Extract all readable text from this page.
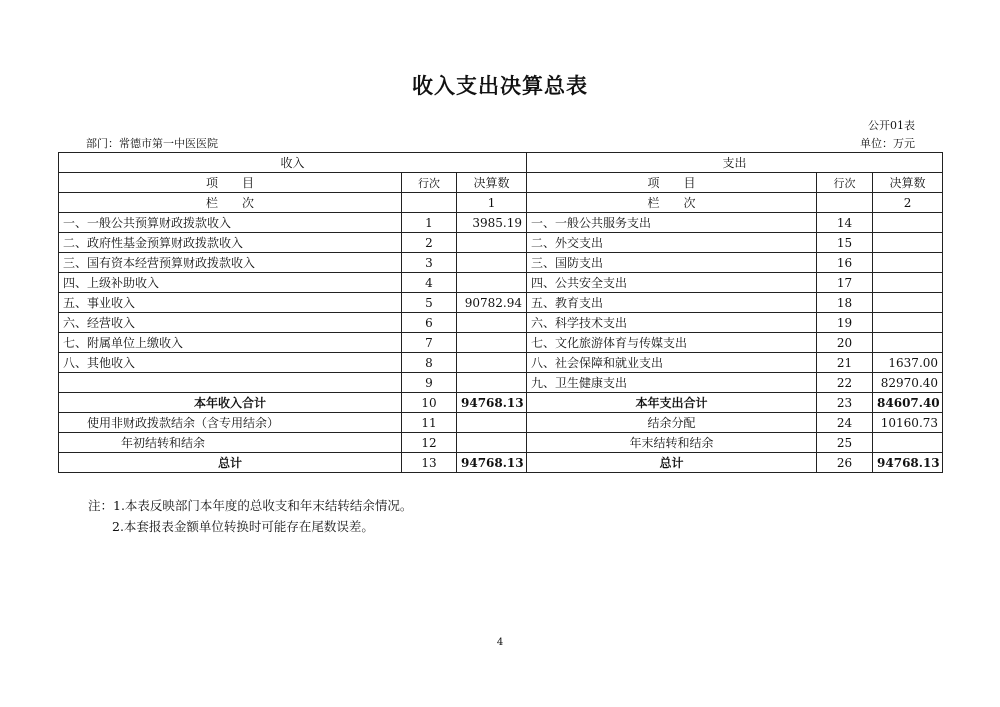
收入支出决算总表
公开01表
部门：常德市第一中医医院	单位：万元
收入			支出		
项　　目	行次	决算数	项　　目	行次	决算数
栏　　次		1	栏　　次		2
一、一般公共预算财政拨款收入	1	3985.19	一、一般公共服务支出	14	
二、政府性基金预算财政拨款收入	2		二、外交支出	15	
三、国有资本经营预算财政拨款收入	3		三、国防支出	16	
四、上级补助收入	4		四、公共安全支出	17	
五、事业收入	5	90782.94	五、教育支出	18	
六、经营收入	6		六、科学技术支出	19	
七、附属单位上缴收入	7		七、文化旅游体育与传媒支出	20	
八、其他收入	8		八、社会保障和就业支出	21	1637.00
	9		九、卫生健康支出	22	82970.40
本年收入合计	10	94768.13	本年支出合计	23	84607.40
使用非财政拨款结余（含专用结余）	11		结余分配	24	10160.73
年初结转和结余	12		年末结转和结余	25	
总计	13	94768.13	总计	26	94768.13
注：1.本表反映部门本年度的总收支和年末结转结余情况。
2.本套报表金额单位转换时可能存在尾数误差。
4
